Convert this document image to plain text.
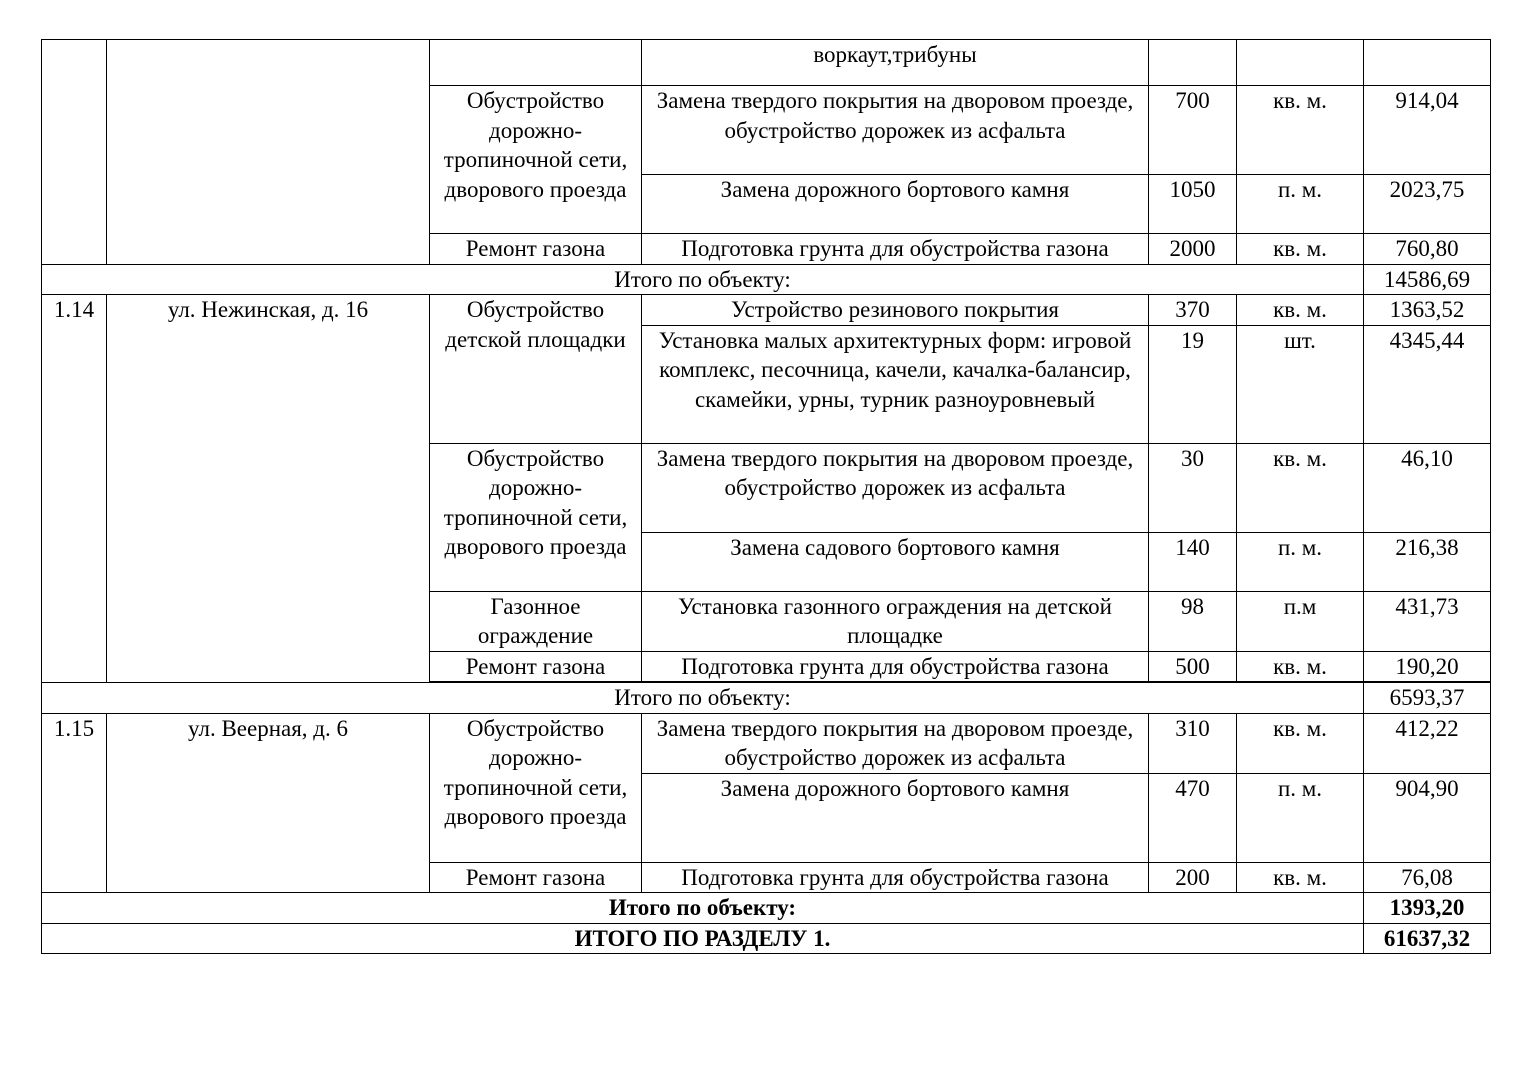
			воркаут,трибуны			
		Обустройство дорожно-тропиночной сети, дворового проезда	Замена твердого покрытия на дворовом проезде,
обустройство дорожек из асфальта	700	кв. м.	914,04
			Замена дорожного бортового камня	1050	п. м.	2023,75
		Ремонт газона	Подготовка грунта для обустройства газона	2000	кв. м.	760,80
Итого по объекту:						14586,69
1.14	ул. Нежинская, д. 16	Обустройство детской площадки	Устройство резинового покрытия	370	кв. м.	1363,52
			Установка малых архитектурных форм: игровой комплекс, песочница, качели, качалка-балансир, скамейки, урны, турник разноуровневый	19	шт.	4345,44
		Обустройство дорожно-тропиночной сети, дворового проезда	Замена твердого покрытия на дворовом проезде,
обустройство дорожек из асфальта	30	кв. м.	46,10
			Замена садового бортового камня	140	п. м.	216,38
		Газонное ограждение	Установка газонного ограждения на детской площадке	98	п.м	431,73
		Ремонт газона	Подготовка грунта для обустройства газона	500	кв. м.	190,20

Итого по объекту:						6593,37
1.15	ул. Веерная, д. 6	Обустройство дорожно-тропиночной сети, дворового проезда	Замена твердого покрытия на дворовом проезде, обустройство дорожек из асфальта	310	кв. м.	412,22
			Замена дорожного бортового камня	470	п. м.	904,90
		Ремонт газона	Подготовка грунта для обустройства газона	200	кв. м.	76,08
Итого по объекту:						1393,20
ИТОГО ПО РАЗДЕЛУ 1.						61637,32
